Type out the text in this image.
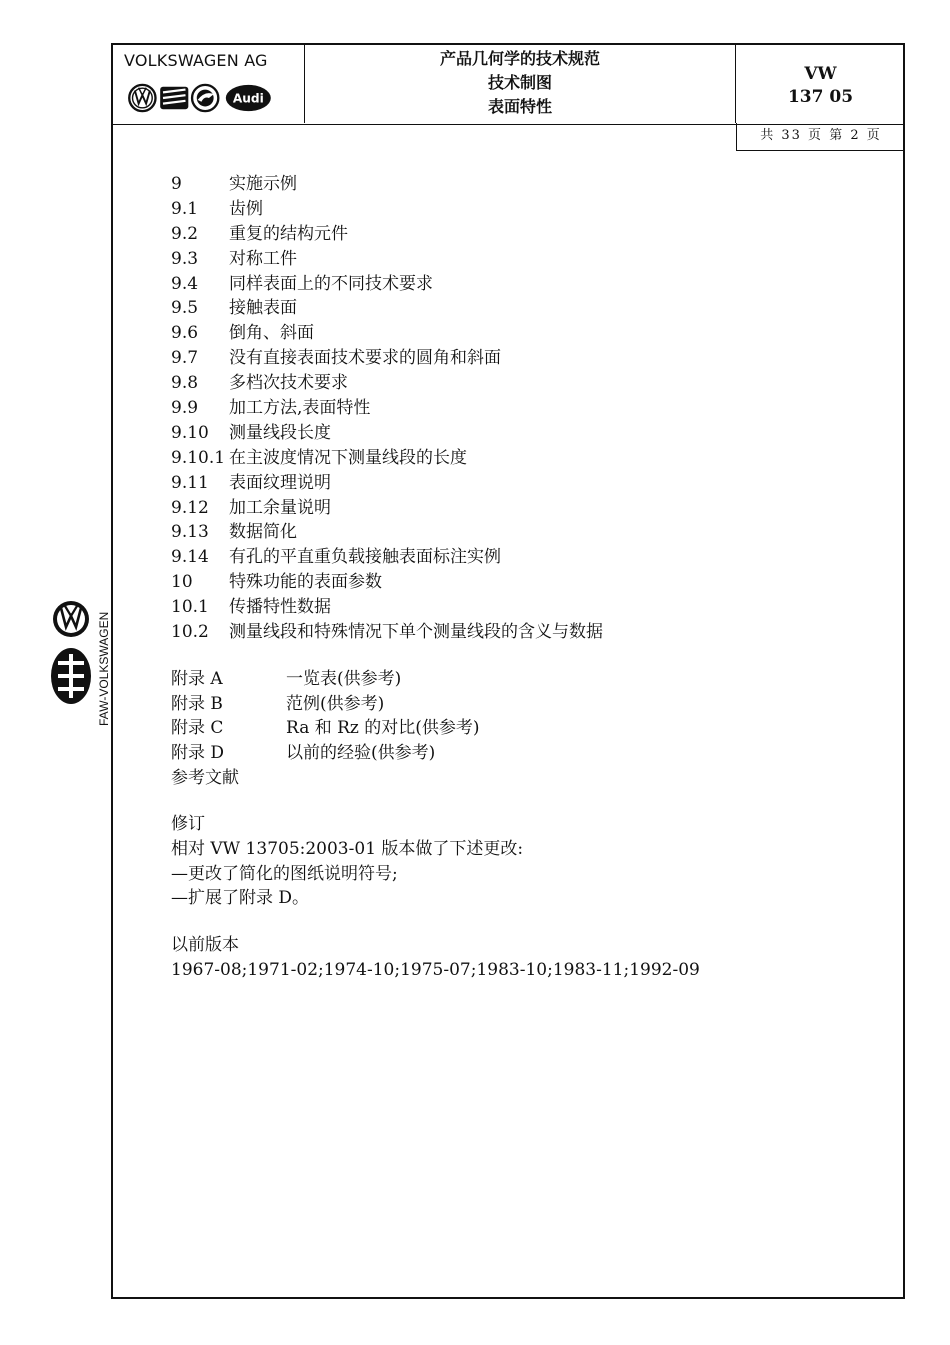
VOLKSWAGEN AG
Audi
产品几何学的技术规范
技术制图
表面特性
VW
137 05
共 33 页 第 2 页
9	实施示例
9.1	齿例
9.2	重复的结构元件
9.3	对称工件
9.4	同样表面上的不同技术要求
9.5	接触表面
9.6	倒角、斜面
9.7	没有直接表面技术要求的圆角和斜面
9.8	多档次技术要求
9.9	加工方法,表面特性
9.10	测量线段长度
9.10.1 在主波度情况下测量线段的长度
9.11	表面纹理说明
9.12	加工余量说明
9.13	数据简化
9.14	有孔的平直重负载接触表面标注实例
10	特殊功能的表面参数
10.1	传播特性数据
10.2	测量线段和特殊情况下单个测量线段的含义与数据
附录 A	一览表(供参考)
附录 B	范例(供参考)
附录 C	Ra 和 Rz 的对比(供参考)
附录 D	以前的经验(供参考)
参考文献
修订
相对 VW 13705:2003-01 版本做了下述更改:
—更改了简化的图纸说明符号;
—扩展了附录 D。
以前版本
1967-08;1971-02;1974-10;1975-07;1983-10;1983-11;1992-09
FAW-VOLKSWAGEN
